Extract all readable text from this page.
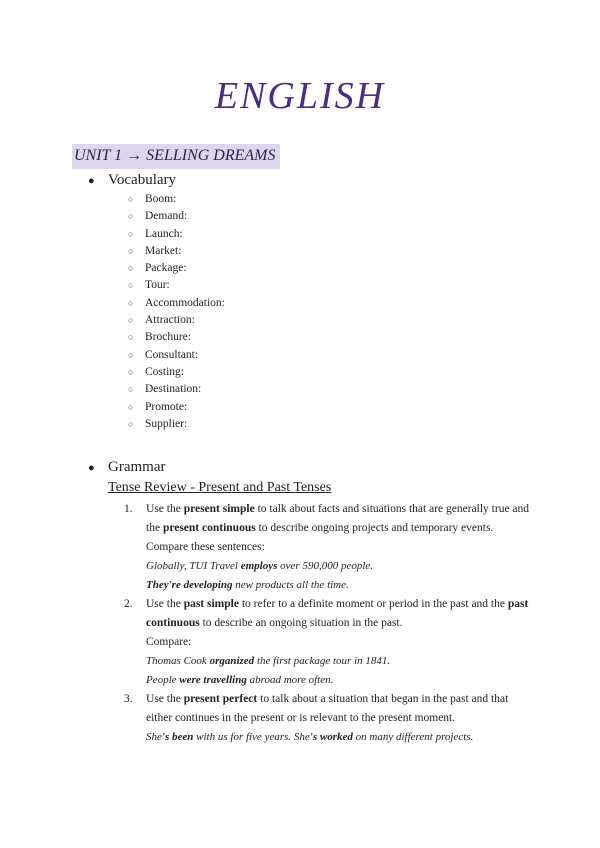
ENGLISH
UNIT 1 → SELLING DREAMS
● Vocabulary
○ Boom:
○ Demand:
○ Launch:
○ Market:
○ Package:
○ Tour:
○ Accommodation:
○ Attraction:
○ Brochure:
○ Consultant:
○ Costing:
○ Destination:
○ Promote:
○ Supplier:
● Grammar
Tense Review - Present and Past Tenses
1. Use the present simple to talk about facts and situations that are generally true and the present continuous to describe ongoing projects and temporary events. Compare these sentences:
Globally, TUI Travel employs over 590,000 people.
They're developing new products all the time.
2. Use the past simple to refer to a definite moment or period in the past and the past continuous to describe an ongoing situation in the past.
Compare:
Thomas Cook organized the first package tour in 1841.
People were travelling abroad more often.
3. Use the present perfect to talk about a situation that began in the past and that either continues in the present or is relevant to the present moment.
She's been with us for five years. She's worked on many different projects.
